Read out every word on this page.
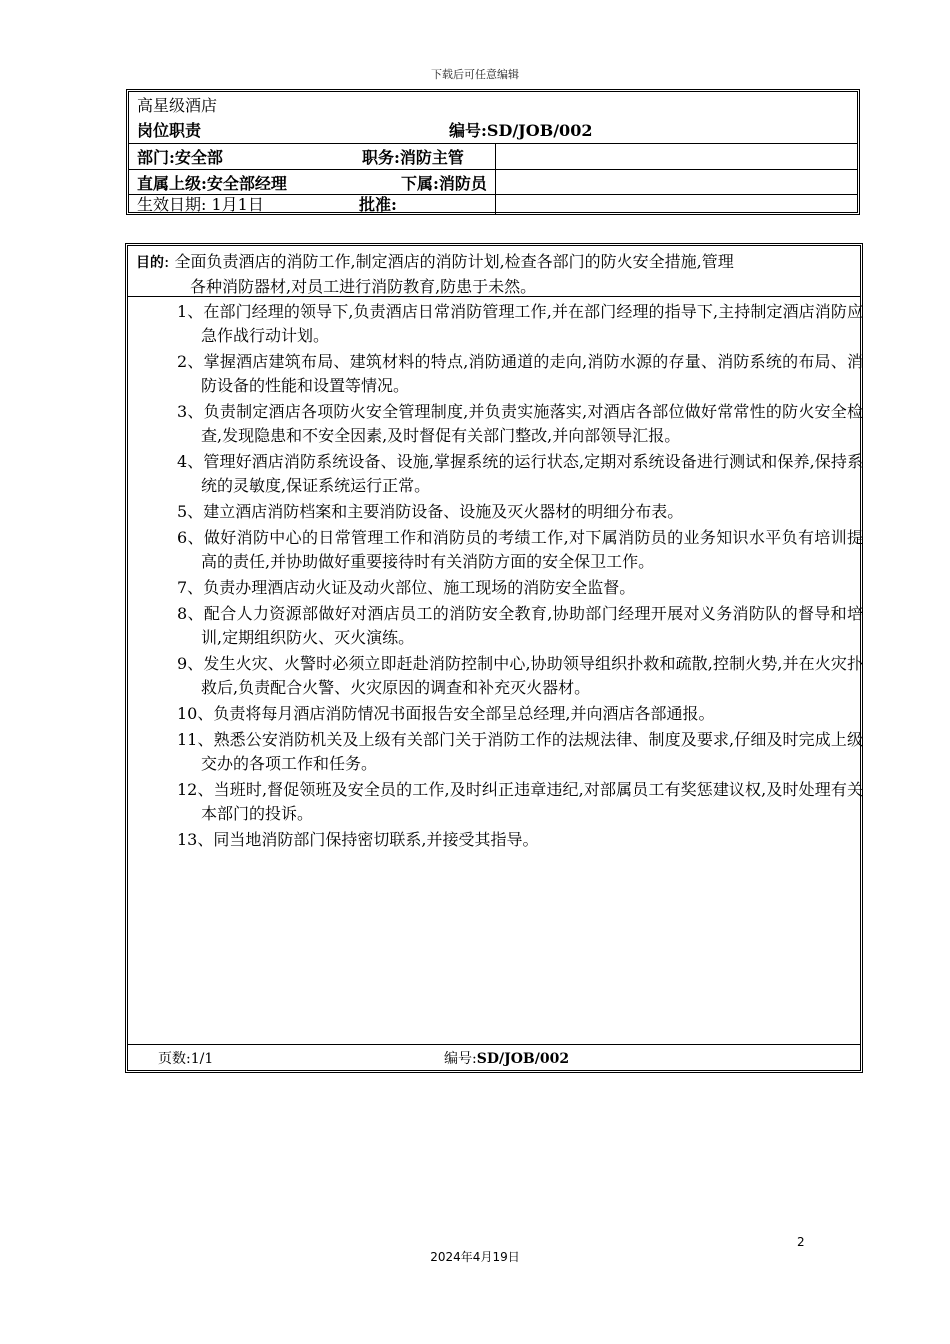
下载后可任意编辑
高星级酒店
岗位职责	编号:SD/JOB/002
部门:安全部	职务:消防主管
直属上级:安全部经理	下属:消防员
生效日期: 1月1日	批准:
目的: 全面负责酒店的消防工作,制定酒店的消防计划,检查各部门的防火安全措施,管理
各种消防器材,对员工进行消防教育,防患于未然。
1、在部门经理的领导下,负责酒店日常消防管理工作,并在部门经理的指导下,主持制定酒店消防应急作战行动计划。
2、掌握酒店建筑布局、建筑材料的特点,消防通道的走向,消防水源的存量、消防系统的布局、消防设备的性能和设置等情况。
3、负责制定酒店各项防火安全管理制度,并负责实施落实,对酒店各部位做好常常性的防火安全检查,发现隐患和不安全因素,及时督促有关部门整改,并向部领导汇报。
4、管理好酒店消防系统设备、设施,掌握系统的运行状态,定期对系统设备进行测试和保养,保持系统的灵敏度,保证系统运行正常。
5、建立酒店消防档案和主要消防设备、设施及灭火器材的明细分布表。
6、做好消防中心的日常管理工作和消防员的考绩工作,对下属消防员的业务知识水平负有培训提高的责任,并协助做好重要接待时有关消防方面的安全保卫工作。
7、负责办理酒店动火证及动火部位、施工现场的消防安全监督。
8、配合人力资源部做好对酒店员工的消防安全教育,协助部门经理开展对义务消防队的督导和培训,定期组织防火、灭火演练。
9、发生火灾、火警时必须立即赶赴消防控制中心,协助领导组织扑救和疏散,控制火势,并在火灾扑救后,负责配合火警、火灾原因的调查和补充灭火器材。
10、负责将每月酒店消防情况书面报告安全部呈总经理,并向酒店各部通报。
11、熟悉公安消防机关及上级有关部门关于消防工作的法规法律、制度及要求,仔细及时完成上级交办的各项工作和任务。
12、当班时,督促领班及安全员的工作,及时纠正违章违纪,对部属员工有奖惩建议权,及时处理有关本部门的投诉。
13、同当地消防部门保持密切联系,并接受其指导。
页数:1/1	编号:SD/JOB/002
2
2024年4月19日
